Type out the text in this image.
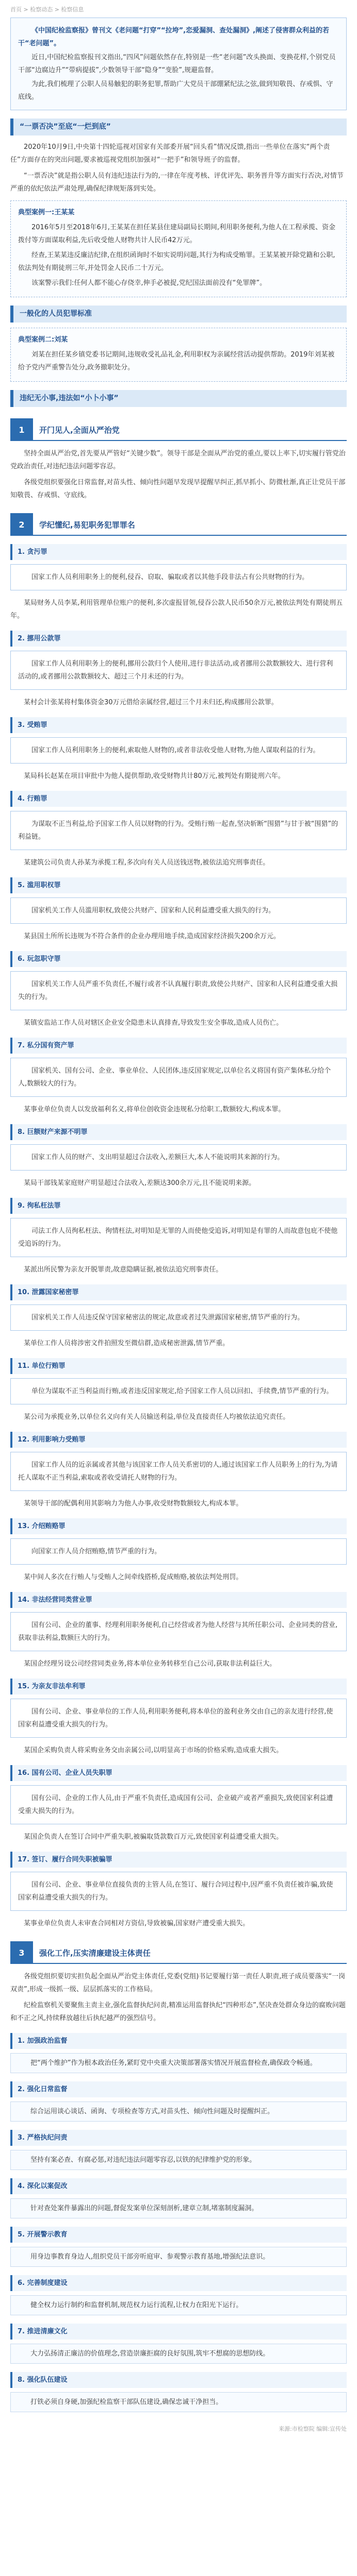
首页 > 检察动态 > 检察信息

《中国纪检监察报》曾刊文《老问题“打穿”“拉垮”,恋爱漏洞、查处漏洞》,阐述了侵害群众利益的若干“老问题”。

近日,中国纪检监察报刊文指出,“四风”问题依然存在,特别是一些“老问题”改头换面、变换花样,个别党员干部“边腐边升”“带病提拔”,少数领导干部“隐身”“变脸”,规避监督。

为此,我们梳理了公职人员易触犯的职务犯罪,帮助广大党员干部绷紧纪法之弦,做到知敬畏、存戒惧、守底线。

“一票否决”至底“一烂到底”

2020年10月9日,中央第十四轮巡视对国家有关部委开展“回头看”情况反馈,指出一些单位在落实“两个责任”方面存在的突出问题,要求被巡视党组织加强对“一把手”和领导班子的监督。

“一票否决”就是指公职人员有违纪违法行为的,一律在年度考核、评优评先、职务晋升等方面实行否决,对情节严重的依纪依法严肃处理,确保纪律规矩落到实处。

典型案例一:王某某

2016年5月至2018年6月,王某某在担任某县住建局副局长期间,利用职务便利,为他人在工程承揽、资金拨付等方面谋取利益,先后收受他人财物共计人民币42万元。

经查,王某某违反廉洁纪律,在组织函询时不如实说明问题,其行为构成受贿罪。王某某被开除党籍和公职,依法判处有期徒刑三年,并处罚金人民币二十万元。

该案警示我们:任何人都不能心存侥幸,伸手必被捉,党纪国法面前没有“免罪牌”。

一般化的人员犯罪标准
典型案例二:刘某

刘某在担任某乡镇党委书记期间,违规收受礼品礼金,利用职权为亲属经营活动提供帮助。2019年刘某被给予党内严重警告处分,政务撤职处分。

违纪无小事,违法如“小卜小事”
1	开门见人,全面从严治党

坚持全面从严治党,首先要从严管好“关键少数”。领导干部是全面从严治党的重点,要以上率下,切实履行管党治党政治责任,对违纪违法问题零容忍。

各级党组织要强化日常监督,对苗头性、倾向性问题早发现早提醒早纠正,抓早抓小、防微杜渐,真正让党员干部知敬畏、存戒惧、守底线。

2	学纪懂纪,易犯职务犯罪罪名
1. 贪污罪

国家工作人员利用职务上的便利,侵吞、窃取、骗取或者以其他手段非法占有公共财物的行为。

某局财务人员李某,利用管理单位账户的便利,多次虚报冒领,侵吞公款人民币50余万元,被依法判处有期徒刑五年。

2. 挪用公款罪

国家工作人员利用职务上的便利,挪用公款归个人使用,进行非法活动,或者挪用公款数额较大、进行营利活动的,或者挪用公款数额较大、超过三个月未还的行为。

某村会计张某将村集体资金30万元借给亲属经营,超过三个月未归还,构成挪用公款罪。

3. 受贿罪

国家工作人员利用职务上的便利,索取他人财物的,或者非法收受他人财物,为他人谋取利益的行为。

某局科长赵某在项目审批中为他人提供帮助,收受财物共计80万元,被判处有期徒刑六年。

4. 行贿罪

为谋取不正当利益,给予国家工作人员以财物的行为。受贿行贿一起查,坚决斩断“围猎”与甘于被“围猎”的利益链。

某建筑公司负责人孙某为承揽工程,多次向有关人员送钱送物,被依法追究刑事责任。

5. 滥用职权罪

国家机关工作人员滥用职权,致使公共财产、国家和人民利益遭受重大损失的行为。

某县国土所所长违规为不符合条件的企业办理用地手续,造成国家经济损失200余万元。

6. 玩忽职守罪

国家机关工作人员严重不负责任,不履行或者不认真履行职责,致使公共财产、国家和人民利益遭受重大损失的行为。

某镇安监站工作人员对辖区企业安全隐患未认真排查,导致发生安全事故,造成人员伤亡。

7. 私分国有资产罪

国家机关、国有公司、企业、事业单位、人民团体,违反国家规定,以单位名义将国有资产集体私分给个人,数额较大的行为。

某事业单位负责人以发放福利名义,将单位创收资金违规私分给职工,数额较大,构成本罪。

8. 巨额财产来源不明罪

国家工作人员的财产、支出明显超过合法收入,差额巨大,本人不能说明其来源的行为。

某局干部钱某家庭财产明显超过合法收入,差额达300余万元,且不能说明来源。

9. 徇私枉法罪

司法工作人员徇私枉法、徇情枉法,对明知是无罪的人而使他受追诉,对明知是有罪的人而故意包庇不使他受追诉的行为。

某派出所民警为亲友开脱罪责,故意隐瞒证据,被依法追究刑事责任。

10. 泄露国家秘密罪

国家机关工作人员违反保守国家秘密法的规定,故意或者过失泄露国家秘密,情节严重的行为。

某单位工作人员将涉密文件拍照发至微信群,造成秘密泄露,情节严重。

11. 单位行贿罪

单位为谋取不正当利益而行贿,或者违反国家规定,给予国家工作人员以回扣、手续费,情节严重的行为。

某公司为承揽业务,以单位名义向有关人员输送利益,单位及直接责任人均被依法追究责任。

12. 利用影响力受贿罪

国家工作人员的近亲属或者其他与该国家工作人员关系密切的人,通过该国家工作人员职务上的行为,为请托人谋取不正当利益,索取或者收受请托人财物的行为。

某领导干部的配偶利用其影响力为他人办事,收受财物数额较大,构成本罪。

13. 介绍贿赂罪

向国家工作人员介绍贿赂,情节严重的行为。

某中间人多次在行贿人与受贿人之间牵线搭桥,促成贿赂,被依法判处刑罚。

14. 非法经营同类营业罪

国有公司、企业的董事、经理利用职务便利,自己经营或者为他人经营与其所任职公司、企业同类的营业,获取非法利益,数额巨大的行为。

某国企经理另设公司经营同类业务,将本单位业务转移至自己公司,获取非法利益巨大。

15. 为亲友非法牟利罪

国有公司、企业、事业单位的工作人员,利用职务便利,将本单位的盈利业务交由自己的亲友进行经营,使国家利益遭受重大损失的行为。

某国企采购负责人将采购业务交由亲属公司,以明显高于市场的价格采购,造成重大损失。

16. 国有公司、企业人员失职罪

国有公司、企业的工作人员,由于严重不负责任,造成国有公司、企业破产或者严重损失,致使国家利益遭受重大损失的行为。

某国企负责人在签订合同中严重失职,被骗取货款数百万元,致使国家利益遭受重大损失。

17. 签订、履行合同失职被骗罪

国有公司、企业、事业单位直接负责的主管人员,在签订、履行合同过程中,因严重不负责任被诈骗,致使国家利益遭受重大损失的行为。

某事业单位负责人未审查合同相对方资信,导致被骗,国家财产遭受重大损失。

3	强化工作,压实清廉建设主体责任

各级党组织要切实担负起全面从严治党主体责任,党委(党组)书记要履行第一责任人职责,班子成员要落实“一岗双责”,形成一级抓一级、层层抓落实的工作格局。

纪检监察机关要聚焦主责主业,强化监督执纪问责,精准运用监督执纪“四种形态”,坚决查处群众身边的腐败问题和不正之风,持续释放越往后执纪越严的强烈信号。

1. 加强政治监督

把“两个维护”作为根本政治任务,紧盯党中央重大决策部署落实情况开展监督检查,确保政令畅通。

2. 强化日常监督

综合运用谈心谈话、函询、专项检查等方式,对苗头性、倾向性问题及时提醒纠正。

3. 严格执纪问责

坚持有案必查、有腐必惩,对违纪违法问题零容忍,以铁的纪律维护党的形象。

4. 深化以案促改

针对查处案件暴露出的问题,督促发案单位深刻剖析,建章立制,堵塞制度漏洞。

5. 开展警示教育

用身边事教育身边人,组织党员干部旁听庭审、参观警示教育基地,增强纪法意识。

6. 完善制度建设

健全权力运行制约和监督机制,规范权力运行流程,让权力在阳光下运行。

7. 推进清廉文化

大力弘扬清正廉洁的价值理念,营造崇廉拒腐的良好氛围,筑牢不想腐的思想防线。

8. 强化队伍建设

打铁必须自身硬,加强纪检监察干部队伍建设,确保忠诚干净担当。

来源:市检察院 编辑:宣传处
